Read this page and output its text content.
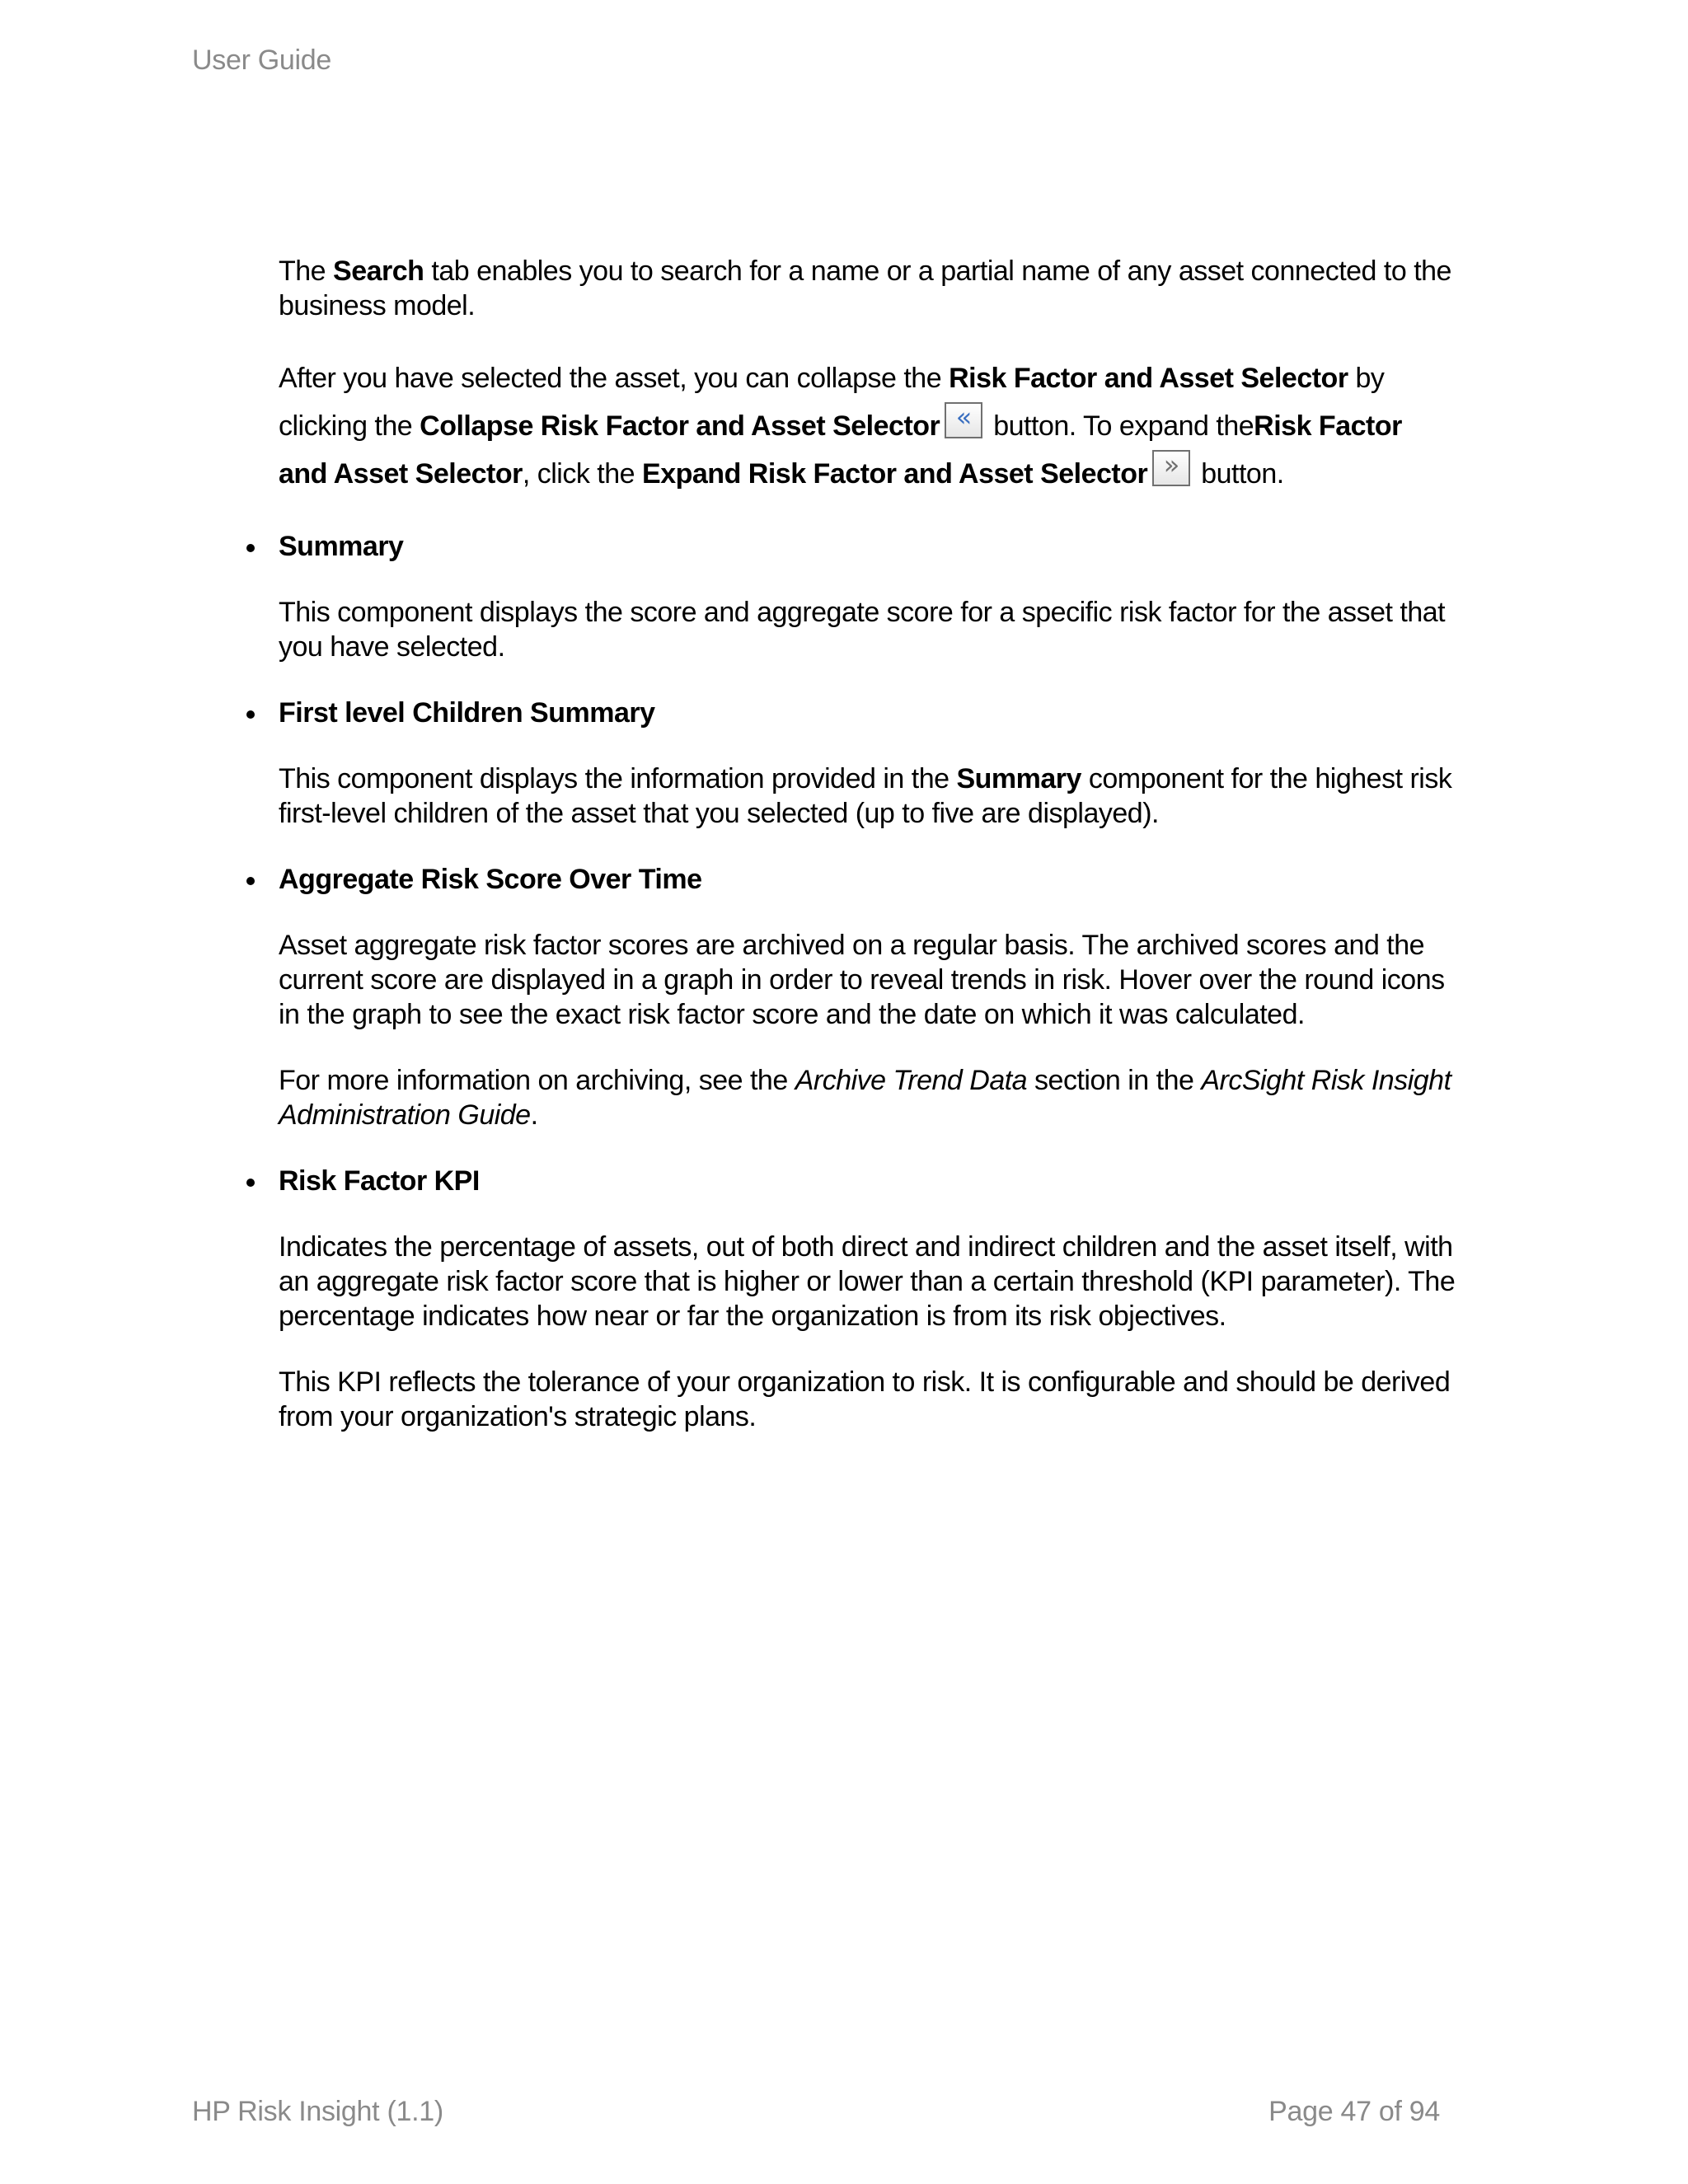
User Guide

The Search tab enables you to search for a name or a partial name of any asset connected to the business model.

After you have selected the asset, you can collapse the Risk Factor and Asset Selector by clicking the Collapse Risk Factor and Asset Selector « button. To expand theRisk Factor and Asset Selector, click the Expand Risk Factor and Asset Selector » button.

Summary

This component displays the score and aggregate score for a specific risk factor for the asset that you have selected.

First level Children Summary

This component displays the information provided in the Summary component for the highest risk first-level children of the asset that you selected (up to five are displayed).

Aggregate Risk Score Over Time

Asset aggregate risk factor scores are archived on a regular basis. The archived scores and the current score are displayed in a graph in order to reveal trends in risk. Hover over the round icons in the graph to see the exact risk factor score and the date on which it was calculated.

For more information on archiving, see the Archive Trend Data section in the ArcSight Risk Insight Administration Guide.

Risk Factor KPI

Indicates the percentage of assets, out of both direct and indirect children and the asset itself, with an aggregate risk factor score that is higher or lower than a certain threshold (KPI parameter). The percentage indicates how near or far the organization is from its risk objectives.

This KPI reflects the tolerance of your organization to risk. It is configurable and should be derived from your organization's strategic plans.

HP Risk Insight (1.1)	Page 47 of 94
